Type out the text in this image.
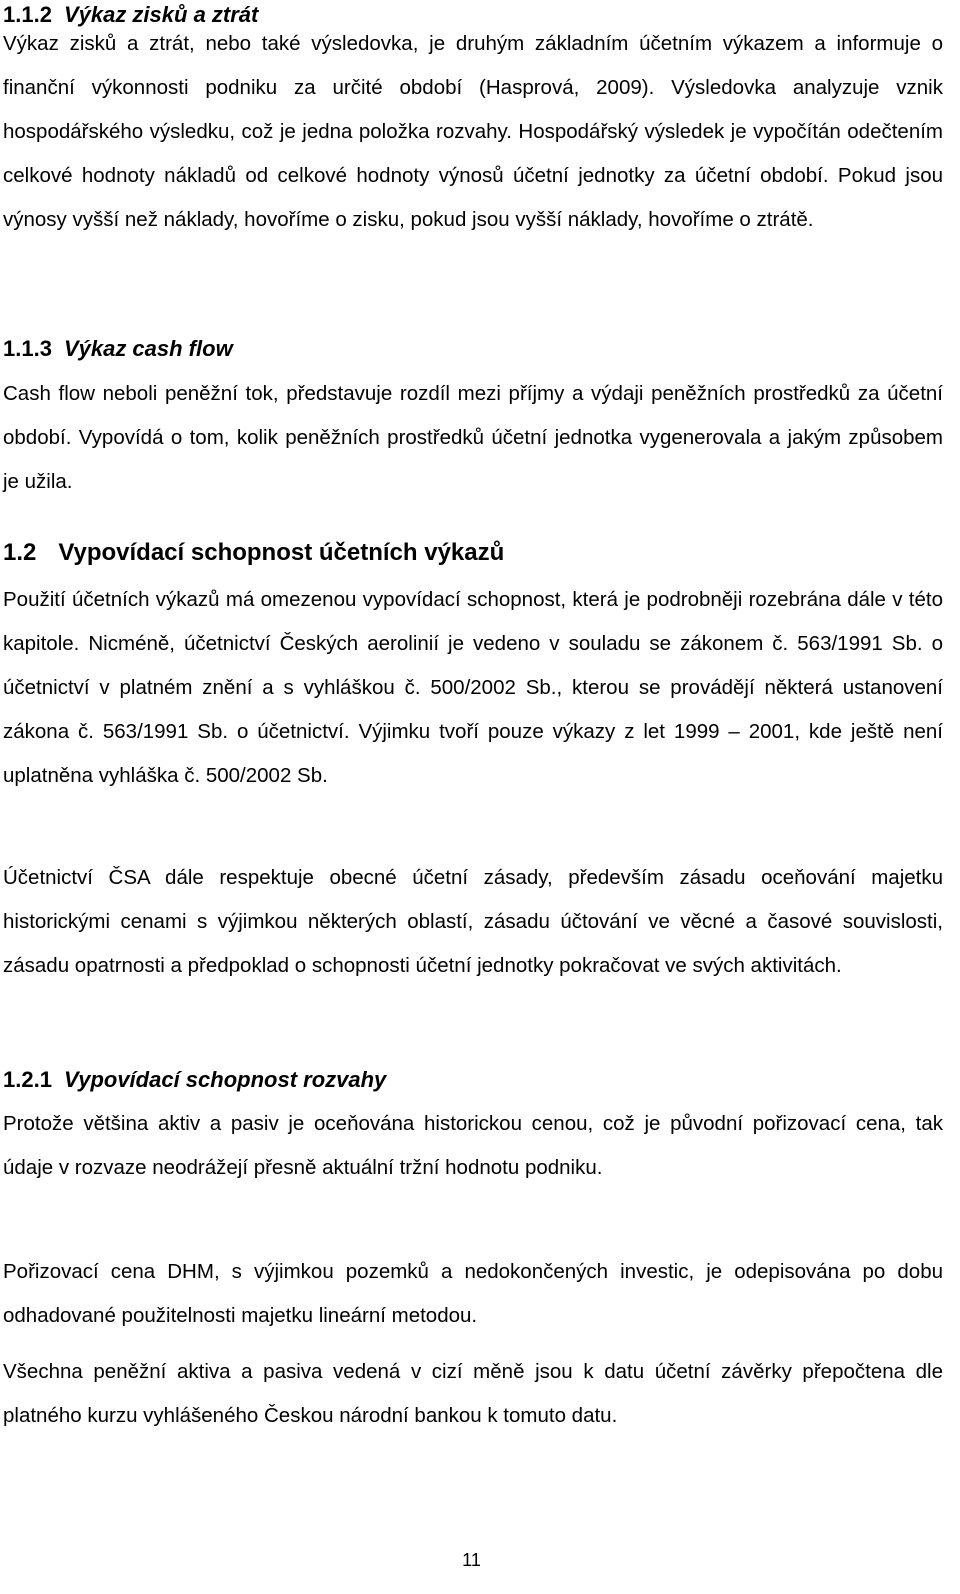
1.1.2 Výkaz zisků a ztrát

Výkaz zisků a ztrát, nebo také výsledovka, je druhým základním účetním výkazem a informuje o finanční výkonnosti podniku za určité období (Hasprová, 2009). Výsledovka analyzuje vznik hospodářského výsledku, což je jedna položka rozvahy. Hospodářský výsledek je vypočítán odečtením celkové hodnoty nákladů od celkové hodnoty výnosů účetní jednotky za účetní období. Pokud jsou výnosy vyšší než náklady, hovoříme o zisku, pokud jsou vyšší náklady, hovoříme o ztrátě.

1.1.3 Výkaz cash flow

Cash flow neboli peněžní tok, představuje rozdíl mezi příjmy a výdaji peněžních prostředků za účetní období. Vypovídá o tom, kolik peněžních prostředků účetní jednotka vygenerovala a jakým způsobem je užila.

1.2 Vypovídací schopnost účetních výkazů

Použití účetních výkazů má omezenou vypovídací schopnost, která je podrobněji rozebrána dále v této kapitole. Nicméně, účetnictví Českých aerolinií je vedeno v souladu se zákonem č. 563/1991 Sb. o účetnictví v platném znění a s vyhláškou č. 500/2002 Sb., kterou se provádějí některá ustanovení zákona č. 563/1991 Sb. o účetnictví. Výjimku tvoří pouze výkazy z let 1999 – 2001, kde ještě není uplatněna vyhláška č. 500/2002 Sb.

Účetnictví ČSA dále respektuje obecné účetní zásady, především zásadu oceňování majetku historickými cenami s výjimkou některých oblastí, zásadu účtování ve věcné a časové souvislosti, zásadu opatrnosti a předpoklad o schopnosti účetní jednotky pokračovat ve svých aktivitách.

1.2.1 Vypovídací schopnost rozvahy

Protože většina aktiv a pasiv je oceňována historickou cenou, což je původní pořizovací cena, tak údaje v rozvaze neodrážejí přesně aktuální tržní hodnotu podniku.

Pořizovací cena DHM, s výjimkou pozemků a nedokončených investic, je odepisována po dobu odhadované použitelnosti majetku lineární metodou.

Všechna peněžní aktiva a pasiva vedená v cizí měně jsou k datu účetní závěrky přepočtena dle platného kurzu vyhlášeného Českou národní bankou k tomuto datu.

11
